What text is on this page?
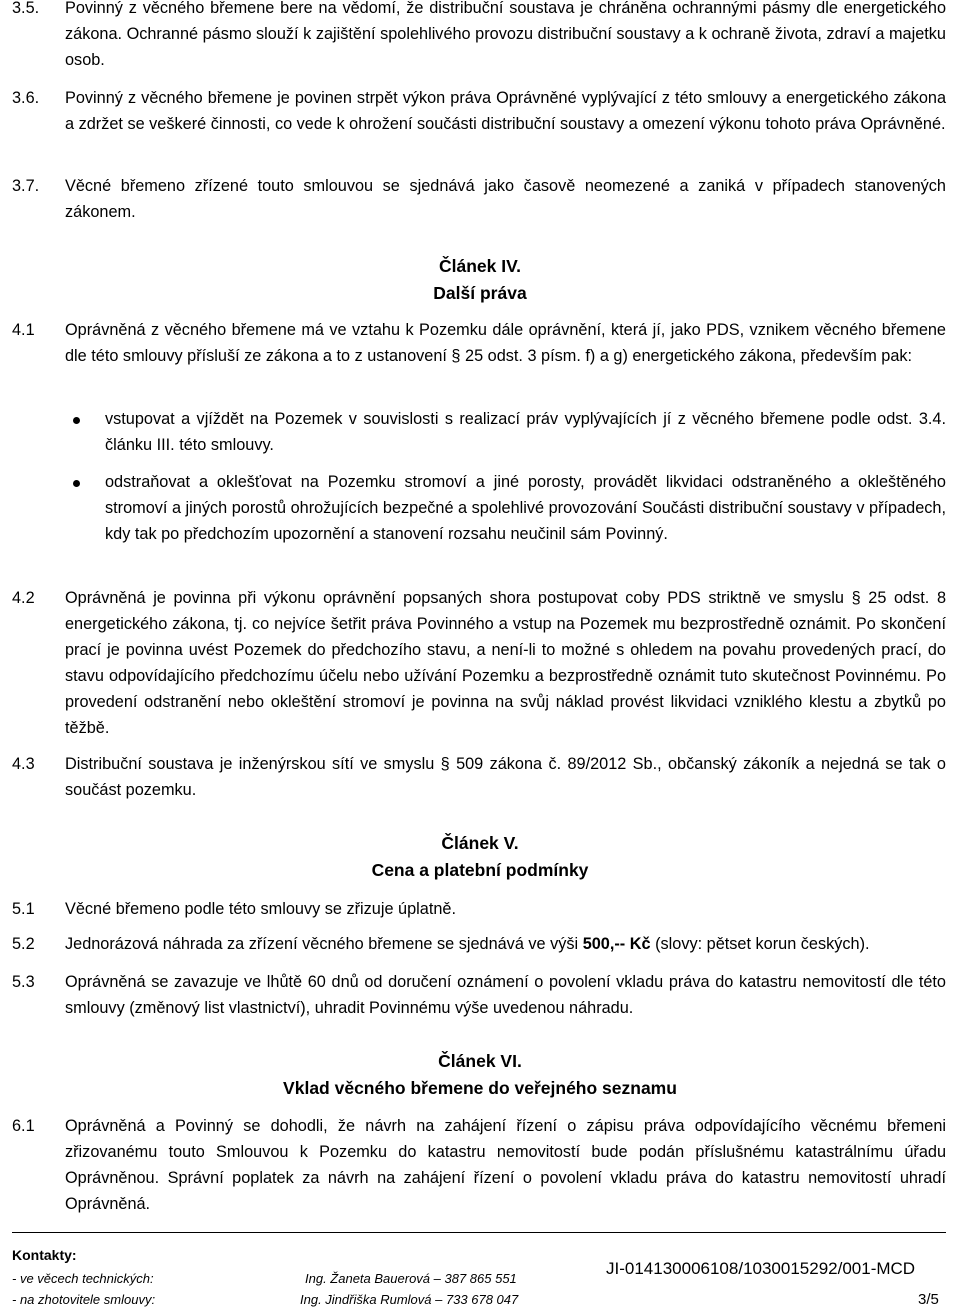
3.5. Povinný z věcného břemene bere na vědomí, že distribuční soustava je chráněna ochrannými pásmy dle energetického zákona. Ochranné pásmo slouží k zajištění spolehlivého provozu distribuční soustavy a k ochraně života, zdraví a majetku osob.
3.6. Povinný z věcného břemene je povinen strpět výkon práva Oprávněné vyplývající z této smlouvy a energetického zákona a zdržet se veškeré činnosti, co vede k ohrožení součásti distribuční soustavy a omezení výkonu tohoto práva Oprávněné.
3.7. Věcné břemeno zřízené touto smlouvou se sjednává jako časově neomezené a zaniká v případech stanovených zákonem.
Článek IV.
Další práva
4.1 Oprávněná z věcného břemene má ve vztahu k Pozemku dále oprávnění, která jí, jako PDS, vznikem věcného břemene dle této smlouvy přísluší ze zákona a to z ustanovení § 25 odst. 3 písm. f) a g) energetického zákona, především pak:
vstupovat a vjíždět na Pozemek v souvislosti s realizací práv vyplývajících jí z věcného břemene podle odst. 3.4. článku III. této smlouvy.
odstraňovat a oklešťovat na Pozemku stromoví a jiné porosty, provádět likvidaci odstraněného a okleštěného stromoví a jiných porostů ohrožujících bezpečné a spolehlivé provozování Součásti distribuční soustavy v případech, kdy tak po předchozím upozornění a stanovení rozsahu neučinil sám Povinný.
4.2 Oprávněná je povinna při výkonu oprávnění popsaných shora postupovat coby PDS striktně ve smyslu § 25 odst. 8 energetického zákona, tj. co nejvíce šetřit práva Povinného a vstup na Pozemek mu bezprostředně oznámit. Po skončení prací je povinna uvést Pozemek do předchozího stavu, a není-li to možné s ohledem na povahu provedených prací, do stavu odpovídajícího předchozímu účelu nebo užívání Pozemku a bezprostředně oznámit tuto skutečnost Povinnému. Po provedení odstranění nebo okleštění stromoví je povinna na svůj náklad provést likvidaci vzniklého klestu a zbytků po těžbě.
4.3 Distribuční soustava je inženýrskou sítí ve smyslu § 509 zákona č. 89/2012 Sb., občanský zákoník a nejedná se tak o součást pozemku.
Článek V.
Cena a platební podmínky
5.1 Věcné břemeno podle této smlouvy se zřizuje úplatně.
5.2 Jednorázová náhrada za zřízení věcného břemene se sjednává ve výši 500,-- Kč (slovy: pětset korun českých).
5.3 Oprávněná se zavazuje ve lhůtě 60 dnů od doručení oznámení o povolení vkladu práva do katastru nemovitostí dle této smlouvy (změnový list vlastnictví), uhradit Povinnému výše uvedenou náhradu.
Článek VI.
Vklad věcného břemene do veřejného seznamu
6.1 Oprávněná a Povinný se dohodli, že návrh na zahájení řízení o zápisu práva odpovídajícího věcnému břemeni zřizovanému touto Smlouvou k Pozemku do katastru nemovitostí bude podán příslušnému katastrálnímu úřadu Oprávněnou. Správní poplatek za návrh na zahájení řízení o povolení vkladu práva do katastru nemovitostí uhradí Oprávněná.
Kontakty:
- ve věcech technických:	Ing. Žaneta Bauerová – 387 865 551
- na zhotovitele smlouvy:	Ing. Jindřiška Rumlová – 733 678 047
JI-014130006108/1030015292/001-MCD
3/5
